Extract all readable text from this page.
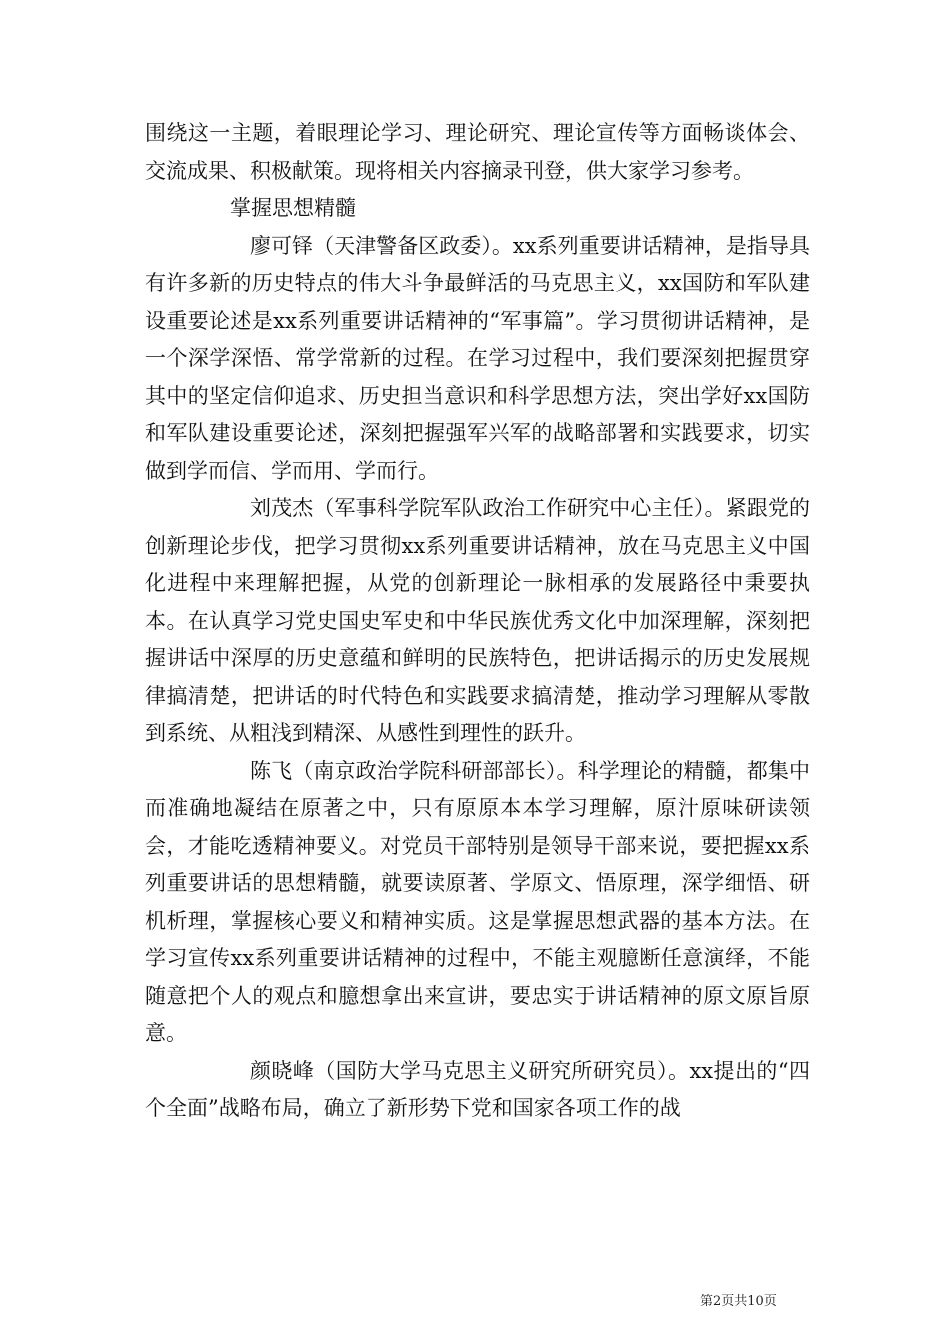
围绕这一主题，着眼理论学习、理论研究、理论宣传等方面畅谈体会、交流成果、积极献策。现将相关内容摘录刊登，供大家学习参考。

掌握思想精髓

廖可铎（天津警备区政委）。xx系列重要讲话精神，是指导具有许多新的历史特点的伟大斗争最鲜活的马克思主义，xx国防和军队建设重要论述是xx系列重要讲话精神的“军事篇”。学习贯彻讲话精神，是一个深学深悟、常学常新的过程。在学习过程中，我们要深刻把握贯穿其中的坚定信仰追求、历史担当意识和科学思想方法，突出学好xx国防和军队建设重要论述，深刻把握强军兴军的战略部署和实践要求，切实做到学而信、学而用、学而行。

刘茂杰（军事科学院军队政治工作研究中心主任）。紧跟党的创新理论步伐，把学习贯彻xx系列重要讲话精神，放在马克思主义中国化进程中来理解把握，从党的创新理论一脉相承的发展路径中秉要执本。在认真学习党史国史军史和中华民族优秀文化中加深理解，深刻把握讲话中深厚的历史意蕴和鲜明的民族特色，把讲话揭示的历史发展规律搞清楚，把讲话的时代特色和实践要求搞清楚，推动学习理解从零散到系统、从粗浅到精深、从感性到理性的跃升。

陈飞（南京政治学院科研部部长）。科学理论的精髓，都集中而准确地凝结在原著之中，只有原原本本学习理解，原汁原味研读领会，才能吃透精神要义。对党员干部特别是领导干部来说，要把握xx系列重要讲话的思想精髓，就要读原著、学原文、悟原理，深学细悟、研机析理，掌握核心要义和精神实质。这是掌握思想武器的基本方法。在学习宣传xx系列重要讲话精神的过程中，不能主观臆断任意演绎，不能随意把个人的观点和臆想拿出来宣讲，要忠实于讲话精神的原文原旨原意。

颜晓峰（国防大学马克思主义研究所研究员）。xx提出的“四个全面”战略布局，确立了新形势下党和国家各项工作的战

第2页共10页
